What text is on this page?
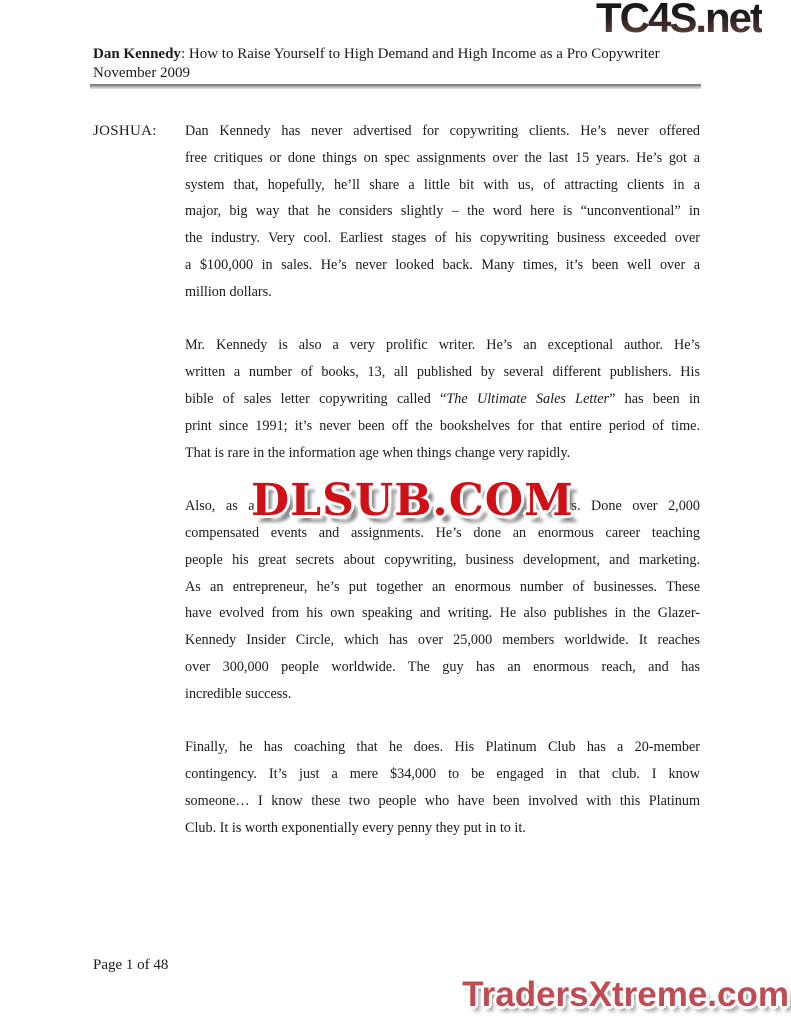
TC4S.net
Dan Kennedy: How to Raise Yourself to High Demand and High Income as a Pro Copywriter
November 2009
JOSHUA: Dan Kennedy has never advertised for copywriting clients. He’s never offered
free critiques or done things on spec assignments over the last 15 years. He’s got a
system that, hopefully, he’ll share a little bit with us, of attracting clients in a
major, big way that he considers slightly – the word here is “unconventional” in
the industry. Very cool. Earliest stages of his copywriting business exceeded over
a $100,000 in sales. He’s never looked back. Many times, it’s been well over a
million dollars.
Mr. Kennedy is also a very prolific writer. He’s an exceptional author. He’s
written a number of books, 13, all published by several different publishers. His
bible of sales letter copywriting called “The Ultimate Sales Letter” has been in
print since 1991; it’s never been off the bookshelves for that entire period of time.
That is rare in the information age when things change very rapidly.
Also, as a	years. Done over 2,000
compensated events and assignments. He’s done an enormous career teaching
people his great secrets about copywriting, business development, and marketing.
As an entrepreneur, he’s put together an enormous number of businesses. These
have evolved from his own speaking and writing. He also publishes in the Glazer-
Kennedy Insider Circle, which has over 25,000 members worldwide. It reaches
over 300,000 people worldwide. The guy has an enormous reach, and has
incredible success.
Finally, he has coaching that he does. His Platinum Club has a 20-member
contingency. It’s just a mere $34,000 to be engaged in that club. I know
someone… I know these two people who have been involved with this Platinum
Club. It is worth exponentially every penny they put in to it.
DLSUB.COM
Page 1 of 48
TradersXtreme.com
